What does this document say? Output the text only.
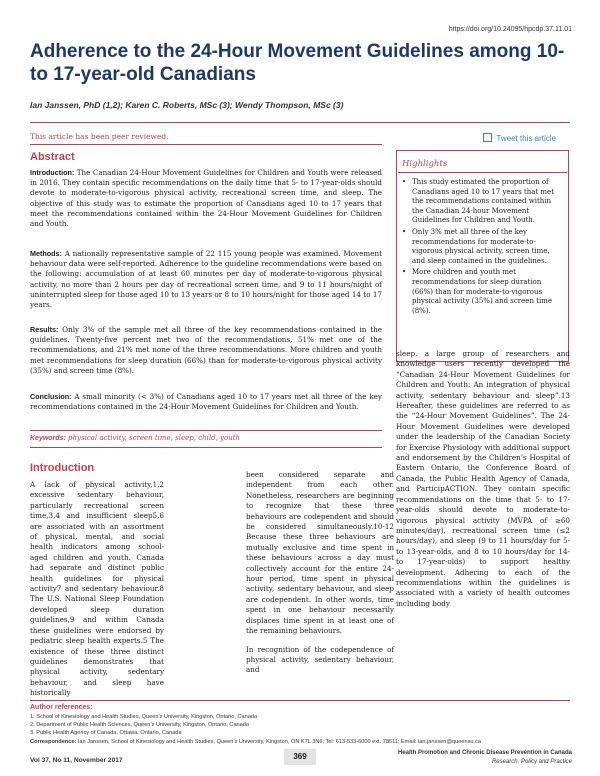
https://doi.org/10.24095/hpcdp.37.11.01
Adherence to the 24-Hour Movement Guidelines among 10- to 17-year-old Canadians
Ian Janssen, PhD (1,2); Karen C. Roberts, MSc (3); Wendy Thompson, MSc (3)
This article has been peer reviewed.	Tweet this article
Abstract
Introduction: The Canadian 24-Hour Movement Guidelines for Children and Youth were released in 2016. They contain specific recommendations on the daily time that 5- to 17-year-olds should devote to moderate-to-vigorous physical activity, recreational screen time, and sleep. The objective of this study was to estimate the proportion of Canadians aged 10 to 17 years that meet the recommendations contained within the 24-Hour Movement Guidelines for Children and Youth.
Methods: A nationally representative sample of 22 115 young people was examined. Movement behaviour data were self-reported. Adherence to the guideline recommendations were based on the following: accumulation of at least 60 minutes per day of moderate-to-vigorous physical activity, no more than 2 hours per day of recreational screen time, and 9 to 11 hours/night of uninterrupted sleep for those aged 10 to 13 years or 8 to 10 hours/night for those aged 14 to 17 years.
Results: Only 3% of the sample met all three of the key recommendations contained in the guidelines. Twenty-five percent met two of the recommendations, 51% met one of the recommendations, and 21% met none of the three recommendations. More children and youth met recommendations for sleep duration (66%) than for moderate-to-vigorous physical activity (35%) and screen time (8%).
Conclusion: A small minority (< 3%) of Canadians aged 10 to 17 years met all three of the key recommendations contained in the 24-Hour Movement Guidelines for Children and Youth.
Keywords: physical activity, screen time, sleep, child, youth
Highlights
• This study estimated the proportion of Canadians aged 10 to 17 years that met the recommendations contained within the Canadian 24-hour Movement Guidelines for Children and Youth.
• Only 3% met all three of the key recommendations for moderate-to-vigorous physical activity, screen time, and sleep contained in the guidelines.
• More children and youth met recommendations for sleep duration (66%) than for moderate-to-vigorous physical activity (35%) and screen time (8%).
Introduction
A lack of physical activity,1,2 excessive sedentary behaviour, particularly recreational screen time,3,4 and insufficient sleep5,6 are associated with an assortment of physical, mental, and social health indicators among school-aged children and youth. Canada had separate and distinct public health guidelines for physical activity7 and sedentary behaviour.8 The U.S. National Sleep Foundation developed sleep duration guidelines,9 and within Canada these guidelines were endorsed by pediatric sleep health experts.5 The existence of these three distinct guidelines demonstrates that physical activity, sedentary behaviour, and sleep have historically

been considered separate and independent from each other. Nonetheless, researchers are beginning to recognize that these three behaviours are codependent and should be considered simultaneously.10-12 Because these three behaviours are mutually exclusive and time spent in these behaviours across a day must collectively account for the entire 24-hour period, time spent in physical activity, sedentary behaviour, and sleep are codependent. In other words, time spent in one behaviour necessarily displaces time spent in at least one of the remaining behaviours.

In recognition of the codependence of physical activity, sedentary behaviour, and

sleep, a large group of researchers and knowledge users recently developed the “Canadian 24-Hour Movement Guidelines for Children and Youth: An integration of physical activity, sedentary behaviour and sleep”.13 Hereafter, these guidelines are referred to as the “24-Hour Movement Guidelines”. The 24-Hour Movement Guidelines were developed under the leadership of the Canadian Society for Exercise Physiology with additional support and endorsement by the Children’s Hospital of Eastern Ontario, the Conference Board of Canada, the Public Health Agency of Canada, and ParticipACTION. They contain specific recommendations on the time that 5- to 17-year-olds should devote to moderate-to-vigorous physical activity (MVPA of ≥60 minutes/day), recreational screen time (≤2 hours/day), and sleep (9 to 11 hours/day for 5- to 13-year-olds, and 8 to 10 hours/day for 14- to 17-year-olds) to support healthy development. Adhering to each of the recommendations within the guidelines is associated with a variety of health outcomes including body
Author references:
1. School of Kinesiology and Health Studies, Queen’s University, Kingston, Ontario, Canada
2. Department of Public Health Sciences, Queen’s University, Kingston, Ontario, Canada
3. Public Health Agency of Canada, Ottawa, Ontario, Canada
Correspondence: Ian Janssen, School of Kinesiology and Health Studies, Queen’s University, Kingston, ON K7L 3N6; Tel: 613-533-6000 ext. 78611; Email: ian.janssen@queensu.ca
Vol 37, No 11, November 2017	369	Health Promotion and Chronic Disease Prevention in Canada
Research, Policy and Practice
